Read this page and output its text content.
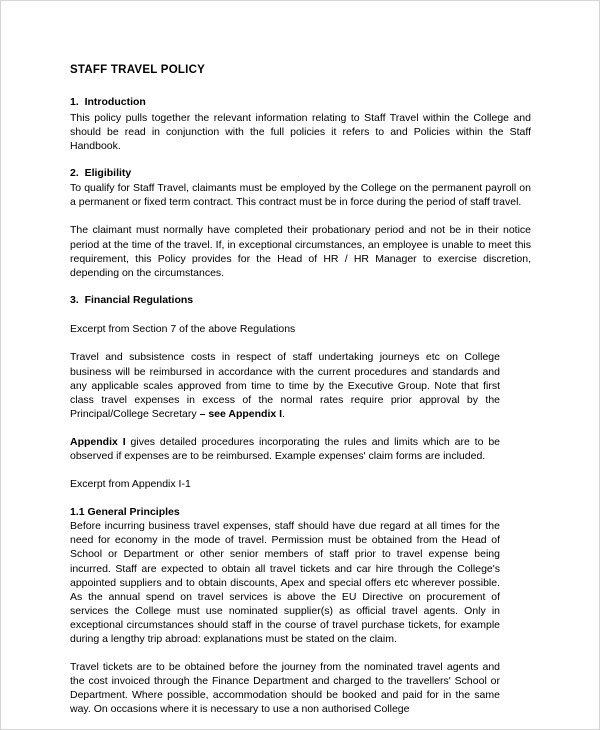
STAFF TRAVEL POLICY
1.  Introduction

This policy pulls together the relevant information relating to Staff Travel within the College and should be read in conjunction with the full policies it refers to and Policies within the Staff Handbook.

2.  Eligibility

To qualify for Staff Travel, claimants must be employed by the College on the permanent payroll on a permanent or fixed term contract. This contract must be in force during the period of staff travel.

The claimant must normally have completed their probationary period and not be in their notice period at the time of the travel. If, in exceptional circumstances, an employee is unable to meet this requirement, this Policy provides for the Head of HR / HR Manager to exercise discretion, depending on the circumstances.

3.  Financial Regulations
Excerpt from Section 7 of the above Regulations

Travel and subsistence costs in respect of staff undertaking journeys etc on College business will be reimbursed in accordance with the current procedures and standards and any applicable scales approved from time to time by the Executive Group. Note that first class travel expenses in excess of the normal rates require prior approval by the Principal/College Secretary – see Appendix I.

Appendix I gives detailed procedures incorporating the rules and limits which are to be observed if expenses are to be reimbursed. Example expenses' claim forms are included.

Excerpt from Appendix I-1
1.1 General Principles

Before incurring business travel expenses, staff should have due regard at all times for the need for economy in the mode of travel. Permission must be obtained from the Head of School or Department or other senior members of staff prior to travel expense being incurred. Staff are expected to obtain all travel tickets and car hire through the College's appointed suppliers and to obtain discounts, Apex and special offers etc wherever possible. As the annual spend on travel services is above the EU Directive on procurement of services the College must use nominated supplier(s) as official travel agents. Only in exceptional circumstances should staff in the course of travel purchase tickets, for example during a lengthy trip abroad: explanations must be stated on the claim.

Travel tickets are to be obtained before the journey from the nominated travel agents and the cost invoiced through the Finance Department and charged to the travellers' School or Department. Where possible, accommodation should be booked and paid for in the same way. On occasions where it is necessary to use a non authorised College
